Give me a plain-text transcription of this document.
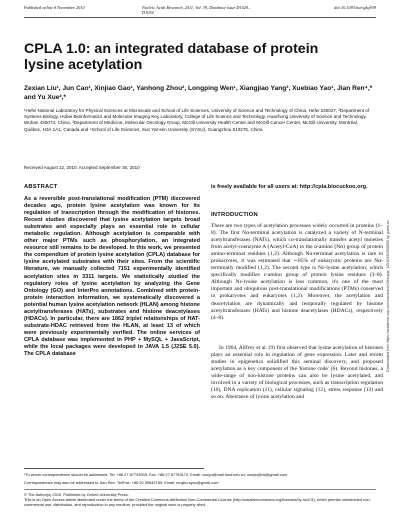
Published online 8 November 2010	Nucleic Acids Research, 2011, Vol. 39, Database issue D1029–D1034
doi:10.1093/nar/gkq939
CPLA 1.0: an integrated database of protein lysine acetylation
Zexian Liu¹, Jun Cao¹, Xinjiao Gao¹, Yanhong Zhou², Longping Wen¹, Xiangjiao Yang³, Xuebiao Yao¹, Jian Ren⁴,* and Yu Xue²,*
¹Hefei National Laboratory for Physical Sciences at Microscale and School of Life Sciences, University of Science and Technology of China, Hefei 230027, ²Department of Systems Biology, Hubei Bioinformatics and Molecular Imaging Key Laboratory, College of Life Science and Technology, Huazhong University of Science and Technology, Wuhan 430074, China, ³Department of Medicine, Molecular Oncology Group, McGill University Health Center and McGill Cancer Center, McGill University, Montréal, Québec, H3A 1A1, Canada and ⁴School of Life Sciences, Sun Yat-sen University (SYSU), Guangzhou 510275, China
Received August 12, 2010; Accepted September 30, 2010
ABSTRACT

As a reversible post-translational modification (PTM) discovered decades ago, protein lysine acetylation was known for its regulation of transcription through the modification of histones. Recent studies discovered that lysine acetylation targets broad substrates and especially plays an essential role in cellular metabolic regulation. Although acetylation is comparable with other major PTMs such as phosphorylation, an integrated resource still remains to be developed. In this work, we presented the compendium of protein lysine acetylation (CPLA) database for lysine acetylated substrates with their sites. From the scientific literature, we manually collected 7151 experimentally identified acetylation sites in 3311 targets. We statistically studied the regulatory roles of lysine acetylation by analyzing the Gene Ontology (GO) and InterPro annotations. Combined with protein-protein interaction information, we systematically discovered a potential human lysine acetylation network (HLAN) among histone acetyltransferases (HATs), substrates and histone deacetylases (HDACs). In particular, there are 1862 triplet relationships of HAT-substrate-HDAC retrieved from the HLAN, at least 13 of which were previously experimentally verified. The online services of CPLA database was implemented in PHP + MySQL + JavaScript, while the local packages were developed in JAVA 1.5 (J2SE 5.0). The CPLA database

is freely available for all users at: http://cpla.biocuckoo.org.

INTRODUCTION

There are two types of acetylation processes widely occurred in proteins (1–8). The first Nα-terminal acetylation is catalyzed a variety of N-terminal acetyltransferases (NATs), which co-translationally transfer acetyl moieties from acetyl-coenzyme A (Acetyl-CoA) to the α-amino (Nα) group of protein amino-terminal residues (1,2). Although Nα-terminal acetylation is rare in prokaryotes, it was estimated that ∼85% of eukaryotic proteins are Nα-terminally modified (1,2). The second type is Nε-lysine acetylation, which specifically modifies ε-amino group of protein lysine residues (3–8). Although Nε-lysine acetylation is less common, it's one of the most important and ubiquitous post-translational modifications (PTMs) conserved in prokaryotes and eukaryotes (1,2). Moreover, the acetylation and deacetylation are dynamically and temporally regulated by histone acetyltransferases (HATs) and histone deacetylases (HDACs), respectively (4–8).

In 1964, Allfrey et al. (9) first observed that lysine acetylation of histones plays an essential role in regulation of gene expression. Later and recent studies in epigenetics solidified this seminal discovery, and proposed acetylation as a key component of the 'histone code' (6). Beyond histones, a wide-range of non-histone proteins can also be lysine acetylated, and involved in a variety of biological processes, such as transcription regulation (10), DNA replication (11), cellular signaling (12), stress response (13) and so on. Aberrance of lysine acetylation and

Downloaded from https://academic.oup.com/nar/article/39/suppl_1/D1029/2508553 by guest on

*To whom correspondence should be addressed. Tel: +86 27 87793903; Fax: +86 27 87793172; Email: xueyu@mail.hust.edu.cn; xueyu@rsl@gmail.com

Correspondence may also be addressed to Jian Ren. Tel/Fax: +86 20 39943780; Email: renjian.sysu@gmail.com

© The Author(s) 2010. Published by Oxford University Press.

This is an Open Access article distributed under the terms of the Creative Commons Attribution Non-Commercial License (http://creativecommons.org/licenses/by-nc/2.5), which permits unrestricted non-commercial use, distribution, and reproduction in any medium, provided the original work is properly cited.
